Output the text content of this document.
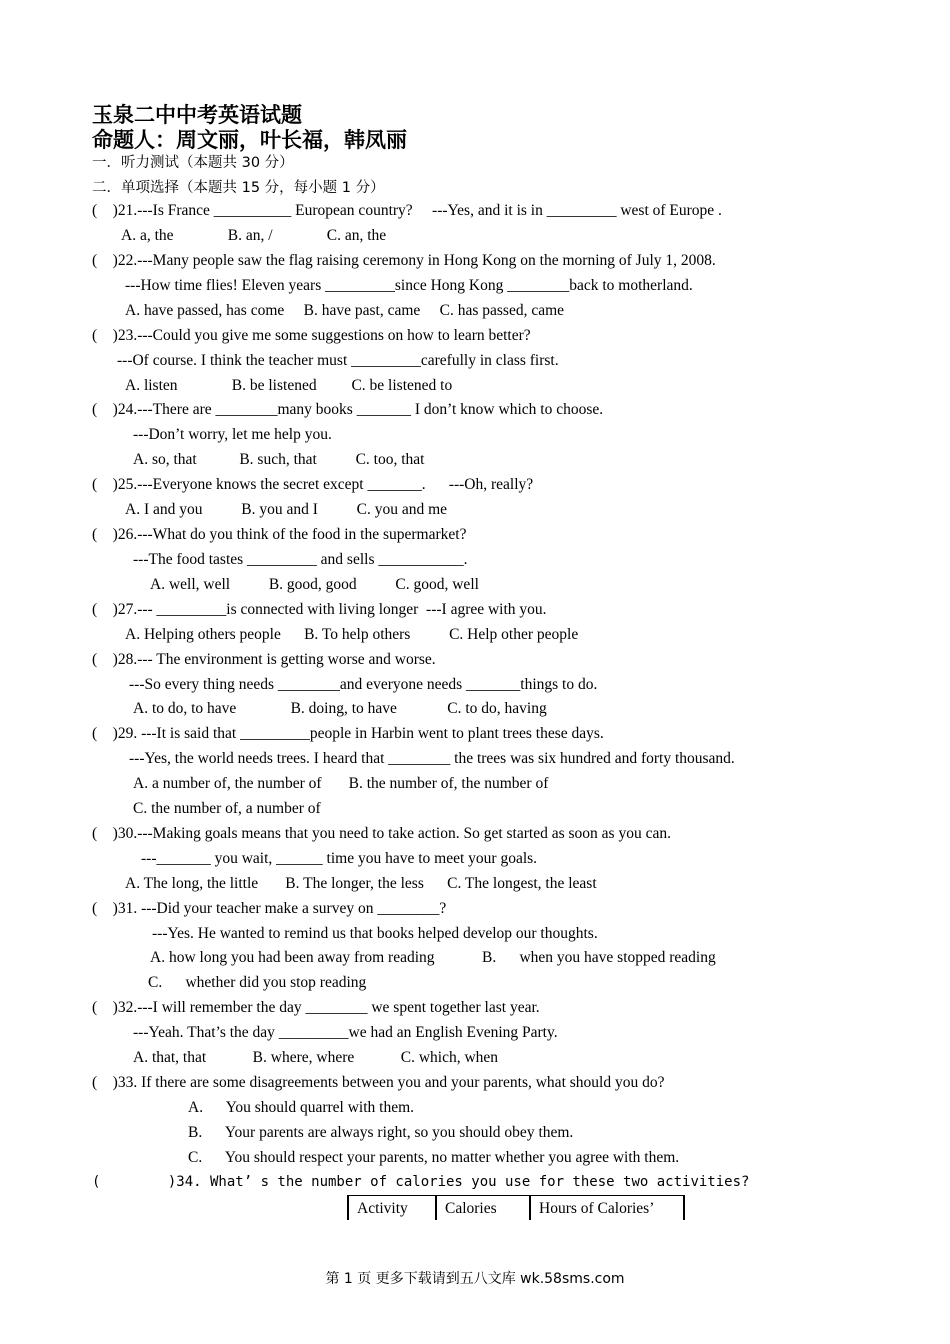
玉泉二中中考英语试题
命题人：周文丽，叶长福，韩凤丽
一．听力测试（本题共 30 分）
二．单项选择（本题共 15 分，每小题 1 分）
(    )21.---Is France __________ European country?     ---Yes, and it is in _________ west of Europe .
A. a, the              B. an, /              C. an, the
(    )22.---Many people saw the flag raising ceremony in Hong Kong on the morning of July 1, 2008.
---How time flies! Eleven years _________since Hong Kong ________back to motherland.
A. have passed, has come     B. have past, came     C. has passed, came
(    )23.---Could you give me some suggestions on how to learn better?
---Of course. I think the teacher must _________carefully in class first.
A. listen              B. be listened         C. be listened to
(    )24.---There are ________many books _______ I don’t know which to choose.
---Don’t worry, let me help you.
A. so, that           B. such, that          C. too, that
(    )25.---Everyone knows the secret except _______.      ---Oh, really?
A. I and you          B. you and I          C. you and me
(    )26.---What do you think of the food in the supermarket?
---The food tastes _________ and sells ___________.
A. well, well          B. good, good          C. good, well
(    )27.--- _________is connected with living longer  ---I agree with you.
A. Helping others people      B. To help others          C. Help other people
(    )28.--- The environment is getting worse and worse.
---So every thing needs ________and everyone needs _______things to do.
A. to do, to have              B. doing, to have             C. to do, having
(    )29. ---It is said that _________people in Harbin went to plant trees these days.
---Yes, the world needs trees. I heard that ________ the trees was six hundred and forty thousand.
A. a number of, the number of       B. the number of, the number of
C. the number of, a number of
(    )30.---Making goals means that you need to take action. So get started as soon as you can.
---_______ you wait, ______ time you have to meet your goals.
A. The long, the little       B. The longer, the less      C. The longest, the least
(    )31. ---Did your teacher make a survey on ________?
---Yes. He wanted to remind us that books helped develop our thoughts.
A. how long you had been away from reading	B.      when you have stopped reading
C.      whether did you stop reading
(    )32.---I will remember the day ________ we spent together last year.
---Yeah. That’s the day _________we had an English Evening Party.
A. that, that            B. where, where            C. which, when
(    )33. If there are some disagreements between you and your parents, what should you do?
A.      You should quarrel with them.
B.      Your parents are always right, so you should obey them.
C.      You should respect your parents, no matter whether you agree with them.
(        )34. What’ s the number of calories you use for these two activities?
Activity	Calories	Hours of Calories’
第 1 页 更多下载请到五八文库 wk.58sms.com
